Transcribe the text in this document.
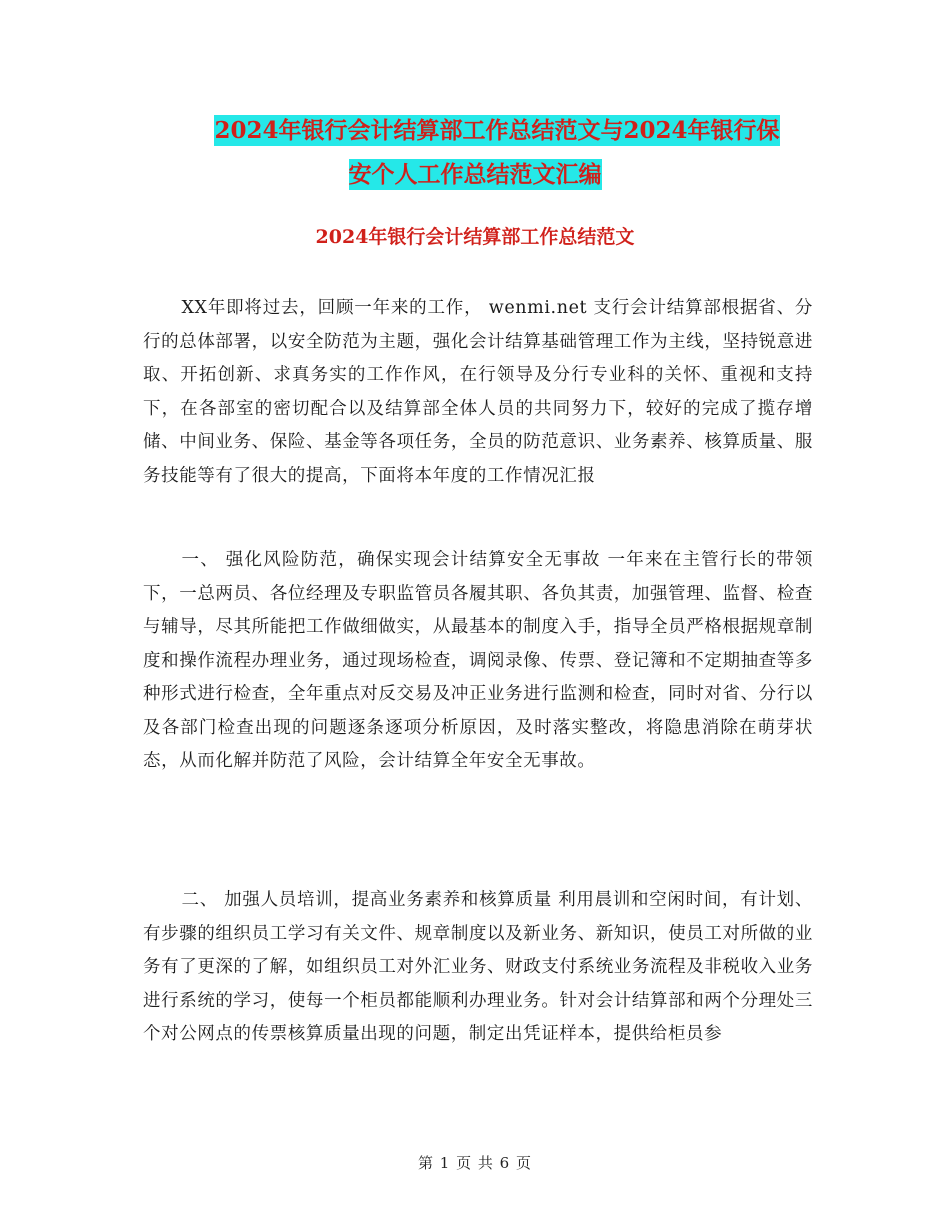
2024年银行会计结算部工作总结范文与2024年银行保
安个人工作总结范文汇编
2024年银行会计结算部工作总结范文

XX年即将过去，回顾一年来的工作， wenmi.net 支行会计结算部根据省、分行的总体部署，以安全防范为主题，强化会计结算基础管理工作为主线，坚持锐意进取、开拓创新、求真务实的工作作风，在行领导及分行专业科的关怀、重视和支持下，在各部室的密切配合以及结算部全体人员的共同努力下，较好的完成了揽存增储、中间业务、保险、基金等各项任务，全员的防范意识、业务素养、核算质量、服务技能等有了很大的提高，下面将本年度的工作情况汇报

一、 强化风险防范，确保实现会计结算安全无事故 一年来在主管行长的带领下，一总两员、各位经理及专职监管员各履其职、各负其责，加强管理、监督、检查与辅导，尽其所能把工作做细做实，从最基本的制度入手，指导全员严格根据规章制度和操作流程办理业务，通过现场检查，调阅录像、传票、登记簿和不定期抽查等多种形式进行检查，全年重点对反交易及冲正业务进行监测和检查，同时对省、分行以及各部门检查出现的问题逐条逐项分析原因，及时落实整改，将隐患消除在萌芽状态，从而化解并防范了风险，会计结算全年安全无事故。

二、 加强人员培训，提高业务素养和核算质量 利用晨训和空闲时间，有计划、有步骤的组织员工学习有关文件、规章制度以及新业务、新知识，使员工对所做的业务有了更深的了解，如组织员工对外汇业务、财政支付系统业务流程及非税收入业务进行系统的学习，使每一个柜员都能顺利办理业务。针对会计结算部和两个分理处三个对公网点的传票核算质量出现的问题，制定出凭证样本，提供给柜员参

第 1 页 共 6 页
